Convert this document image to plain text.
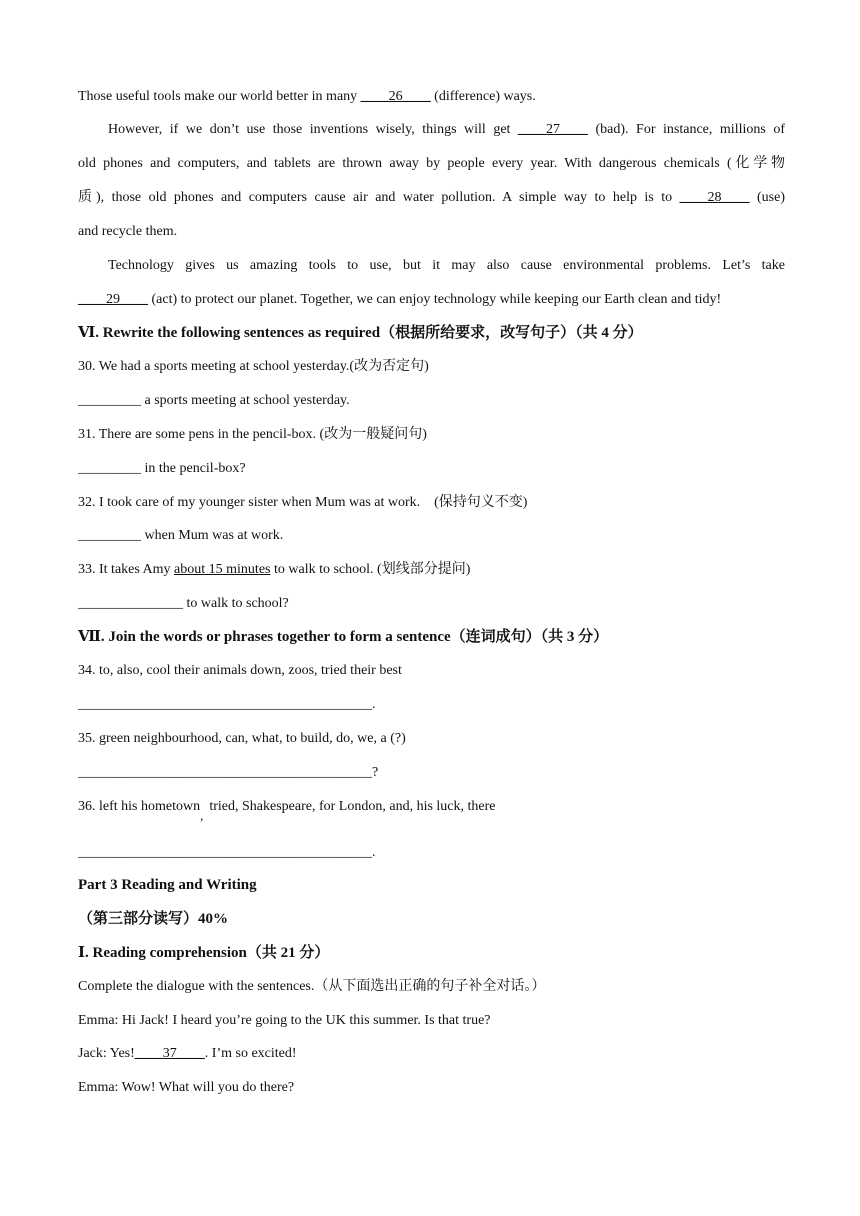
Those useful tools make our world better in many ____26____ (difference) ways.
However, if we don’t use those inventions wisely, things will get ____27____ (bad). For instance, millions of
old phones and computers, and tablets are thrown away by people every year. With dangerous chemicals (化学物
质), those old phones and computers cause air and water pollution. A simple way to help is to ____28____ (use)
and recycle them.
Technology gives us amazing tools to use, but it may also cause environmental problems. Let’s take
____29____ (act) to protect our planet. Together, we can enjoy technology while keeping our Earth clean and tidy!
Ⅵ. Rewrite the following sentences as required（根据所给要求，改写句子）（共 4 分）
30. We had a sports meeting at school yesterday.(改为否定句)
_________ a sports meeting at school yesterday.
31. There are some pens in the pencil-box. (改为一般疑问句)
_________ in the pencil-box?
32. I took care of my younger sister when Mum was at work.    (保持句义不变)
_________ when Mum was at work.
33. It takes Amy about 15 minutes to walk to school. (划线部分提问)
_______________ to walk to school?
Ⅶ. Join the words or phrases together to form a sentence（连词成句）（共 3 分）
34. to, also, cool their animals down, zoos, tried their best
__________________________________________.
35. green neighbourhood, can, what, to build, do, we, a (?)
__________________________________________?
36. left his hometown,tried, Shakespeare, for London, and, his luck, there
__________________________________________.
Part 3 Reading and Writing
（第三部分读写）40%
Ⅰ. Reading comprehension（共 21 分）
Complete the dialogue with the sentences.（从下面选出正确的句子补全对话。）
Emma: Hi Jack! I heard you’re going to the UK this summer. Is that true?
Jack: Yes!____37____. I’m so excited!
Emma: Wow! What will you do there?
